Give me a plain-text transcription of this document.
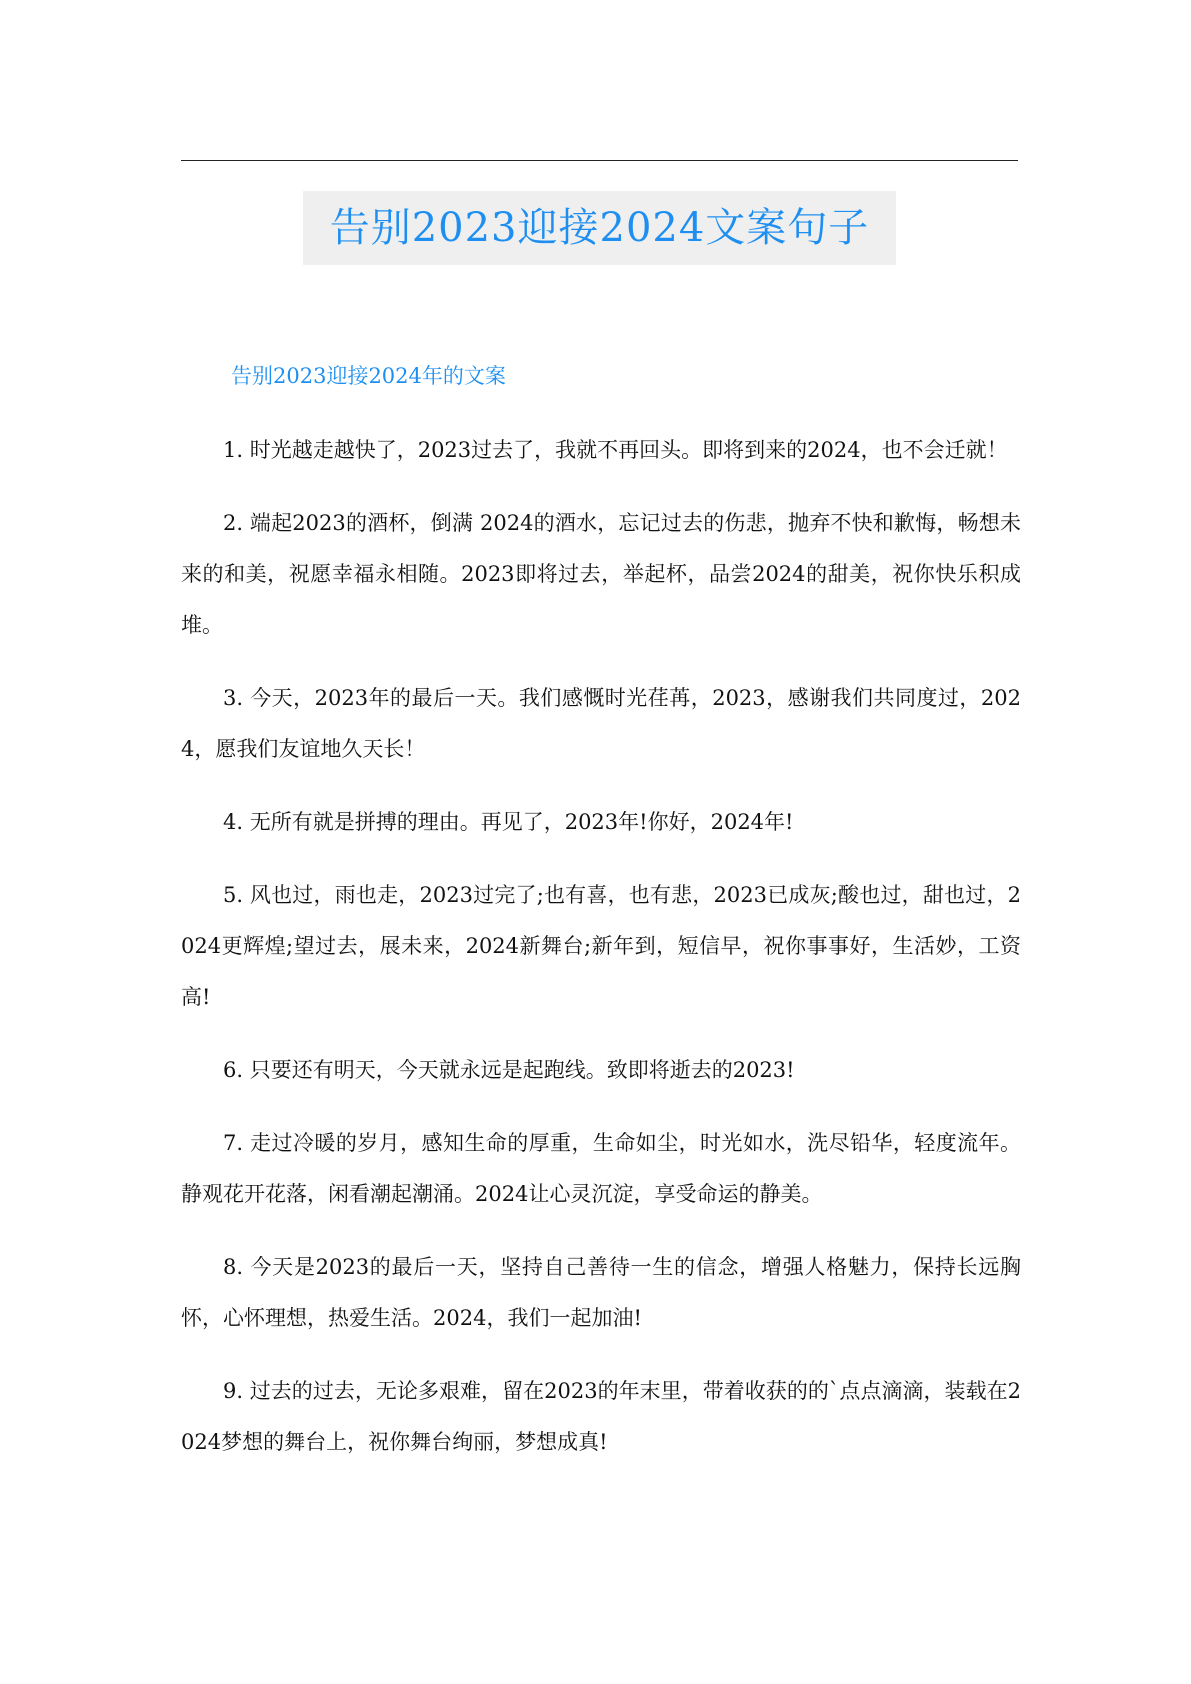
告别2023迎接2024文案句子
告别2023迎接2024年的文案

1. 时光越走越快了，2023过去了，我就不再回头。即将到来的2024，也不会迁就！

2. 端起2023的酒杯，倒满 2024的酒水，忘记过去的伤悲，抛弃不快和歉悔，畅想未来的和美，祝愿幸福永相随。2023即将过去，举起杯，品尝2024的甜美，祝你快乐积成堆。

3. 今天，2023年的最后一天。我们感慨时光荏苒，2023，感谢我们共同度过，2024，愿我们友谊地久天长！

4. 无所有就是拼搏的理由。再见了，2023年!你好，2024年!

5. 风也过，雨也走，2023过完了;也有喜，也有悲，2023已成灰;酸也过，甜也过，2024更辉煌;望过去，展未来，2024新舞台;新年到，短信早，祝你事事好，生活妙，工资高!

6. 只要还有明天，今天就永远是起跑线。致即将逝去的2023!

7. 走过冷暖的岁月，感知生命的厚重，生命如尘，时光如水，洗尽铅华，轻度流年。静观花开花落，闲看潮起潮涌。2024让心灵沉淀，享受命运的静美。

8. 今天是2023的最后一天，坚持自己善待一生的信念，增强人格魅力，保持长远胸怀，心怀理想，热爱生活。2024，我们一起加油!

9. 过去的过去，无论多艰难，留在2023的年末里，带着收获的的`点点滴滴，装载在2024梦想的舞台上，祝你舞台绚丽，梦想成真!
